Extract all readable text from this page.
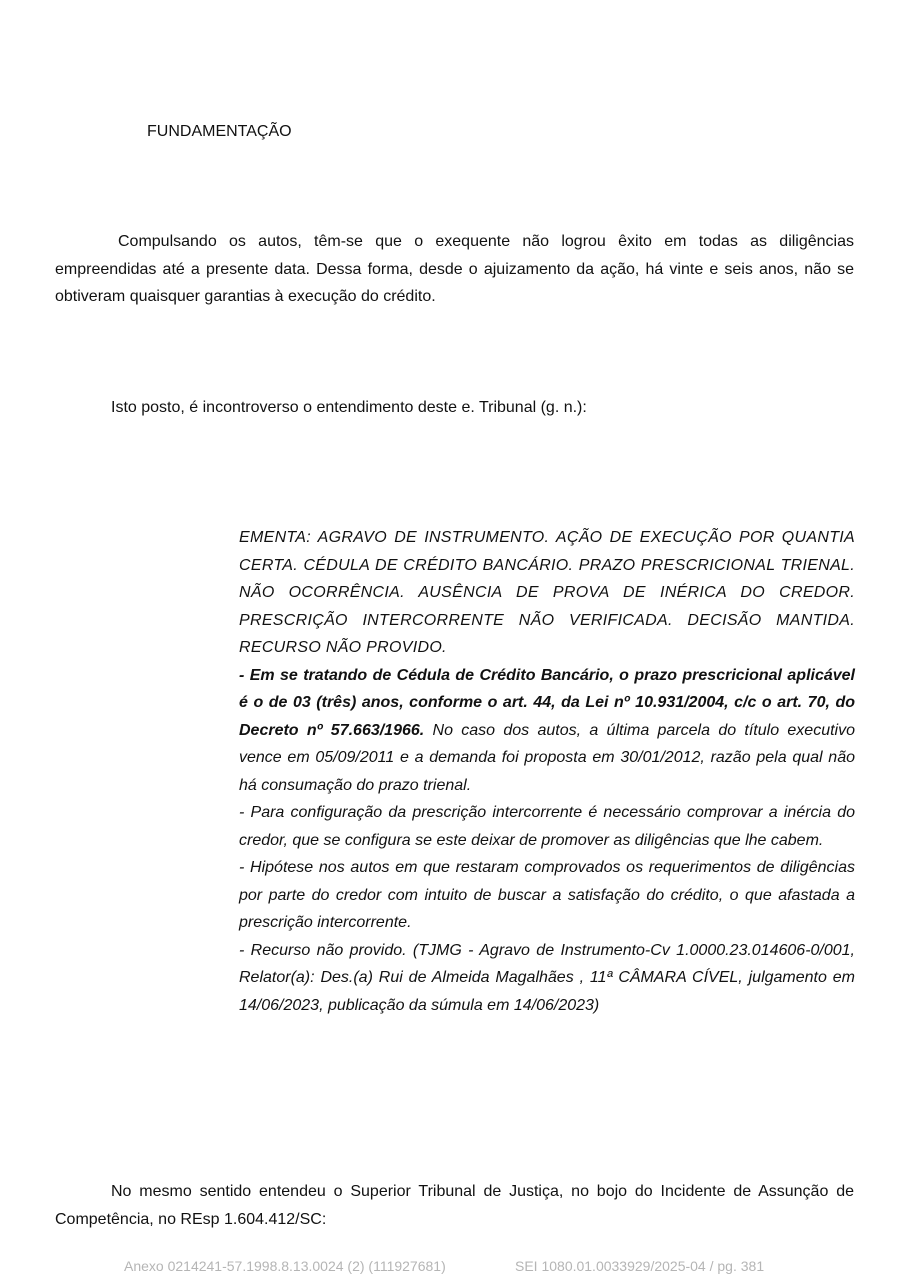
FUNDAMENTAÇÃO

Compulsando os autos, têm-se que o exequente não logrou êxito em todas as diligências empreendidas até a presente data. Dessa forma, desde o ajuizamento da ação, há vinte e seis anos, não se obtiveram quaisquer garantias à execução do crédito.

Isto posto, é incontroverso o entendimento deste e. Tribunal (g. n.):

EMENTA: AGRAVO DE INSTRUMENTO. AÇÃO DE EXECUÇÃO POR QUANTIA CERTA. CÉDULA DE CRÉDITO BANCÁRIO. PRAZO PRESCRICIONAL TRIENAL. NÃO OCORRÊNCIA. AUSÊNCIA DE PROVA DE INÉRICA DO CREDOR. PRESCRIÇÃO INTERCORRENTE NÃO VERIFICADA. DECISÃO MANTIDA. RECURSO NÃO PROVIDO.

- Em se tratando de Cédula de Crédito Bancário, o prazo prescricional aplicável é o de 03 (três) anos, conforme o art. 44, da Lei nº 10.931/2004, c/c o art. 70, do Decreto nº 57.663/1966. No caso dos autos, a última parcela do título executivo vence em 05/09/2011 e a demanda foi proposta em 30/01/2012, razão pela qual não há consumação do prazo trienal.

- Para configuração da prescrição intercorrente é necessário comprovar a inércia do credor, que se configura se este deixar de promover as diligências que lhe cabem.

- Hipótese nos autos em que restaram comprovados os requerimentos de diligências por parte do credor com intuito de buscar a satisfação do crédito, o que afastada a prescrição intercorrente.

- Recurso não provido. (TJMG - Agravo de Instrumento-Cv 1.0000.23.014606-0/001, Relator(a): Des.(a) Rui de Almeida Magalhães , 11ª CÂMARA CÍVEL, julgamento em 14/06/2023, publicação da súmula em 14/06/2023)

No mesmo sentido entendeu o Superior Tribunal de Justiça, no bojo do Incidente de Assunção de Competência, no REsp 1.604.412/SC:

Anexo 0214241-57.1998.8.13.0024 (2) (111927681)	SEI 1080.01.0033929/2025-04 / pg. 381
